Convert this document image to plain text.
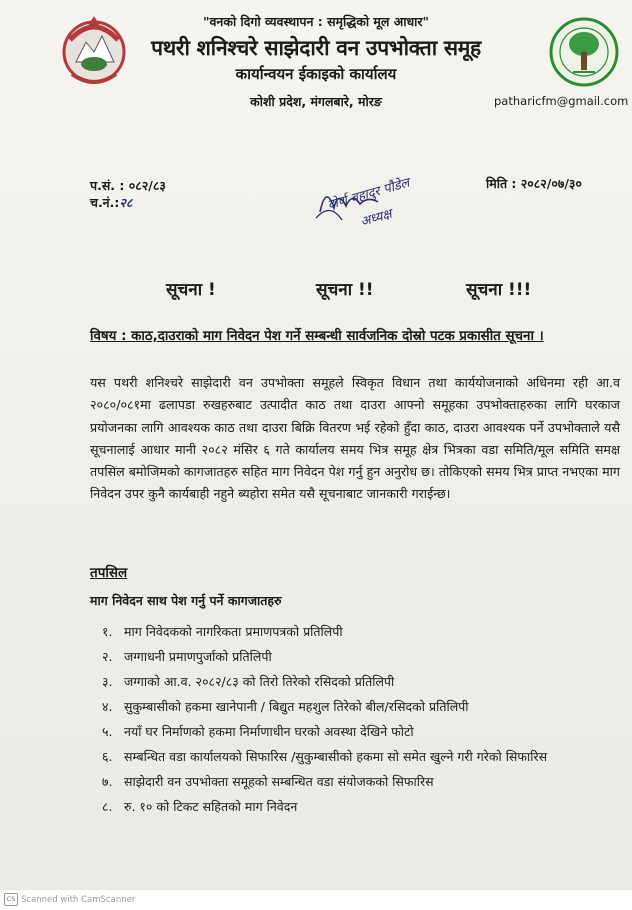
"वनको दिगो व्यवस्थापन : समृद्धिको मूल आधार"
पथरी शनिश्चरे साझेदारी वन उपभोक्ता समूह
कार्यान्वयन ईकाइको कार्यालय
कोशी प्रदेश, मंगलबारे, मोरङ	patharicfm@gmail.com
प.सं. : ०८२/८३
च.नं.:२८
मिति : २०८२/०७/३०
दोर्ण बहादुर पौडेल
अध्यक्ष
सूचना !	सूचना !!	सूचना !!!
विषय : काठ,दाउराको माग निवेदन पेश गर्ने सम्बन्धी सार्वजनिक दोस्रो पटक प्रकासीत सूचना ।
यस पथरी शनिश्चरे साझेदारी वन उपभोक्ता समूहले स्विकृत विधान तथा कार्ययोजनाको अधिनमा रही आ.व २०८०/०८१मा ढलापडा रुखहरुबाट उत्पादीत काठ तथा दाउरा आफ्नो समूहका उपभोक्ताहरुका लागि घरकाज प्रयोजनका लागि आवश्यक काठ तथा दाउरा बिक्रि वितरण भई रहेको हुँदा काठ, दाउरा आवश्यक पर्ने उपभोक्ताले यसै सूचनालाई आधार मानी २०८२ मंसिर ६ गते कार्यालय समय भित्र समूह क्षेत्र भित्रका वडा समिति/मूल समिति समक्ष तपसिल बमोजिमको कागजातहरु सहित माग निवेदन पेश गर्नु हुन अनुरोध छ। तोकिएको समय भित्र प्राप्त नभएका माग निवेदन उपर कुनै कार्यबाही नहुने ब्यहोरा समेत यसै सूचनाबाट जानकारी गराईन्छ।
तपसिल
माग निवेदन साथ पेश गर्नु पर्ने कागजातहरु
१. माग निवेदकको नागरिकता प्रमाणपत्रको प्रतिलिपी
२. जग्गाधनी प्रमाणपुर्जाको प्रतिलिपी
३. जग्गाको आ.व. २०८२/८३ को तिरो तिरेको रसिदको प्रतिलिपी
४. सुकुम्बासीको हकमा खानेपानी / बिद्युत महशुल तिरेको बील/रसिदको प्रतिलिपी
५. नयाँ घर निर्माणको हकमा निर्माणाधीन घरको अवस्था देखिने फोटो
६. सम्बन्धित वडा कार्यालयको सिफारिस /सुकुम्बासीको हकमा सो समेत खुल्ने गरी गरेको सिफारिस
७. साझेदारी वन उपभोक्ता समूहको सम्बन्धित वडा संयोजकको सिफारिस
८. रु. १० को टिकट सहितको माग निवेदन
CS Scanned with CamScanner
